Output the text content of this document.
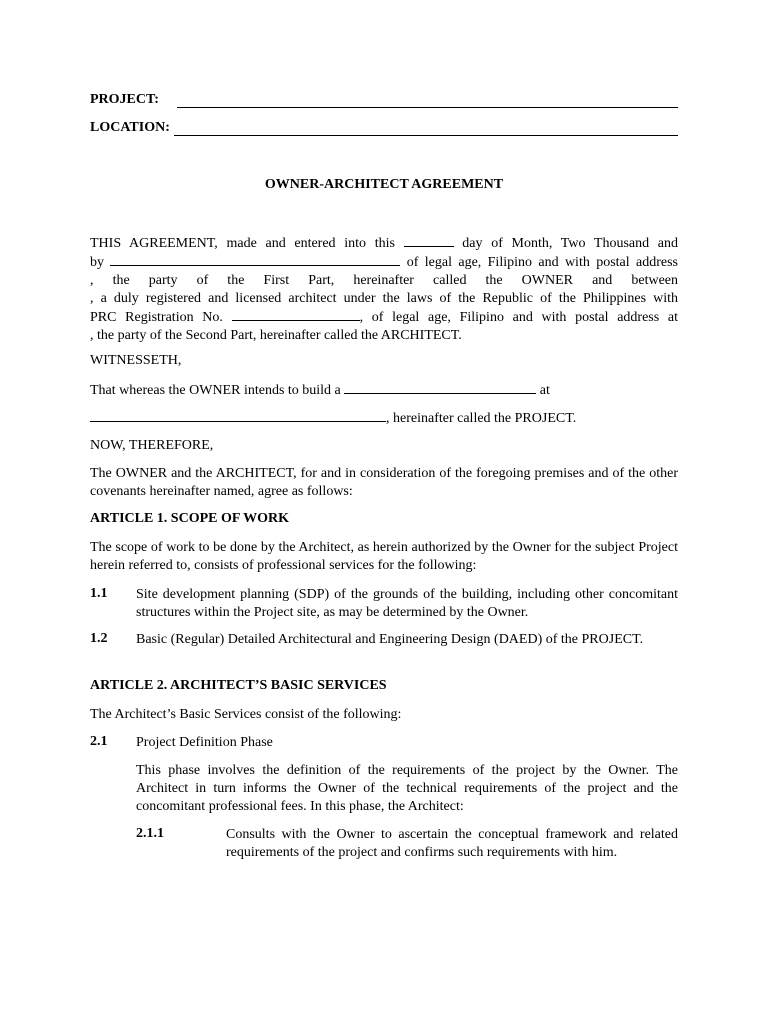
PROJECT:
LOCATION:
OWNER-ARCHITECT AGREEMENT
THIS AGREEMENT, made and entered into this	day of Month, Two Thousand and
by	of legal age, Filipino and with postal address
, the party of the First Part, hereinafter called the OWNER and between
, a duly registered and licensed architect under the laws of the Republic of the Philippines with
PRC Registration No.	, of legal age, Filipino and with postal address at
, the party of the Second Part, hereinafter called the ARCHITECT.
WITNESSETH,
That whereas the OWNER intends to build a	at
, hereinafter called the PROJECT.
NOW, THEREFORE,
The OWNER and the ARCHITECT, for and in consideration of the foregoing premises and of the other covenants hereinafter named, agree as follows:
ARTICLE 1. SCOPE OF WORK
The scope of work to be done by the Architect, as herein authorized by the Owner for the subject Project herein referred to, consists of professional services for the following:
1.1 Site development planning (SDP) of the grounds of the building, including other concomitant structures within the Project site, as may be determined by the Owner.
1.2 Basic (Regular) Detailed Architectural and Engineering Design (DAED) of the PROJECT.
ARTICLE 2. ARCHITECT’S BASIC SERVICES
The Architect’s Basic Services consist of the following:
2.1 Project Definition Phase
This phase involves the definition of the requirements of the project by the Owner. The Architect in turn informs the Owner of the technical requirements of the project and the concomitant professional fees. In this phase, the Architect:
2.1.1	Consults with the Owner to ascertain the conceptual framework and related requirements of the project and confirms such requirements with him.
